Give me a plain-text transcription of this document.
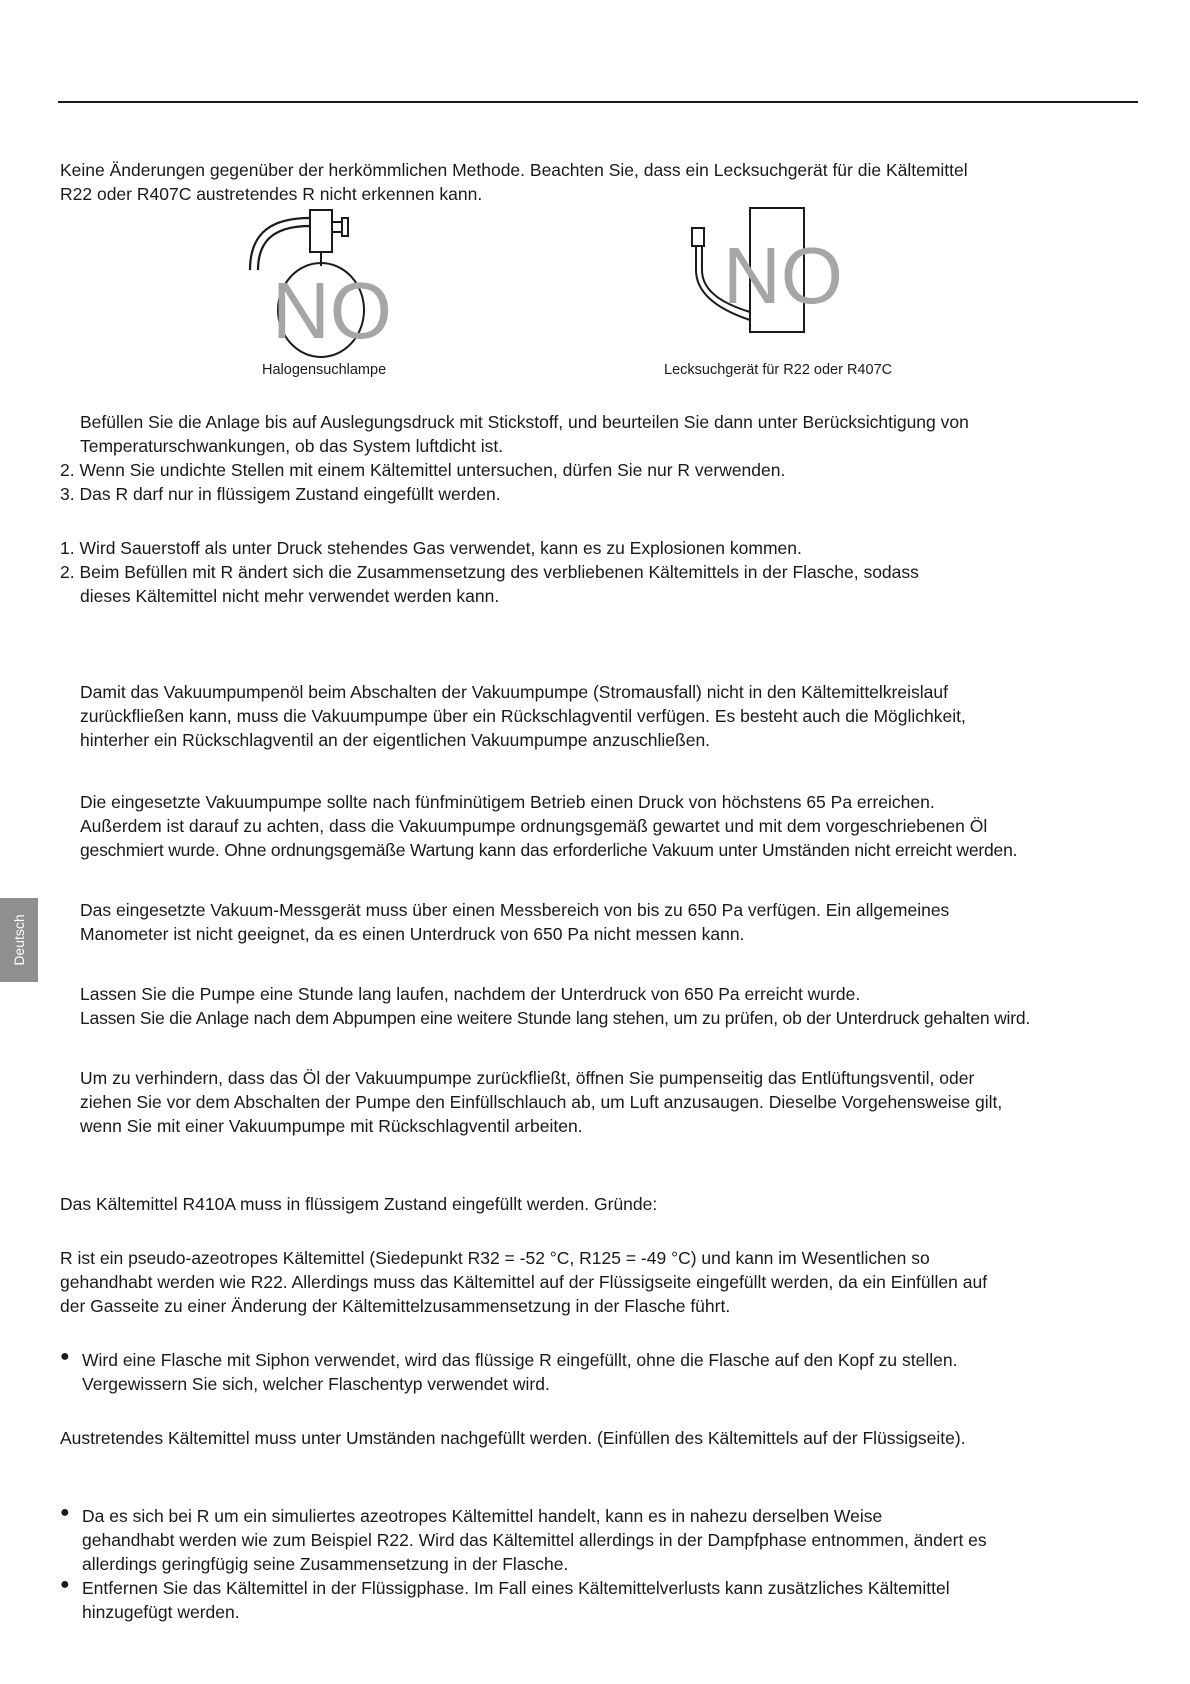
Deutsch
Keine Änderungen gegenüber der herkömmlichen Methode. Beachten Sie, dass ein Lecksuchgerät für die Kältemittel
R22 oder R407C austretendes R nicht erkennen kann.
NO
Halogensuchlampe
NO
Lecksuchgerät für R22 oder R407C
Befüllen Sie die Anlage bis auf Auslegungsdruck mit Stickstoff, und beurteilen Sie dann unter Berücksichtigung von
Temperaturschwankungen, ob das System luftdicht ist.
2. Wenn Sie undichte Stellen mit einem Kältemittel untersuchen, dürfen Sie nur R verwenden.
3. Das R darf nur in flüssigem Zustand eingefüllt werden.
1. Wird Sauerstoff als unter Druck stehendes Gas verwendet, kann es zu Explosionen kommen.
2. Beim Befüllen mit R ändert sich die Zusammensetzung des verbliebenen Kältemittels in der Flasche, sodass
dieses Kältemittel nicht mehr verwendet werden kann.
Damit das Vakuumpumpenöl beim Abschalten der Vakuumpumpe (Stromausfall) nicht in den Kältemittelkreislauf
zurückfließen kann, muss die Vakuumpumpe über ein Rückschlagventil verfügen. Es besteht auch die Möglichkeit,
hinterher ein Rückschlagventil an der eigentlichen Vakuumpumpe anzuschließen.
Die eingesetzte Vakuumpumpe sollte nach fünfminütigem Betrieb einen Druck von höchstens 65 Pa erreichen.
Außerdem ist darauf zu achten, dass die Vakuumpumpe ordnungsgemäß gewartet und mit dem vorgeschriebenen Öl
geschmiert wurde. Ohne ordnungsgemäße Wartung kann das erforderliche Vakuum unter Umständen nicht erreicht werden.
Das eingesetzte Vakuum-Messgerät muss über einen Messbereich von bis zu 650 Pa verfügen. Ein allgemeines
Manometer ist nicht geeignet, da es einen Unterdruck von 650 Pa nicht messen kann.
Lassen Sie die Pumpe eine Stunde lang laufen, nachdem der Unterdruck von 650 Pa erreicht wurde.
Lassen Sie die Anlage nach dem Abpumpen eine weitere Stunde lang stehen, um zu prüfen, ob der Unterdruck gehalten wird.
Um zu verhindern, dass das Öl der Vakuumpumpe zurückfließt, öffnen Sie pumpenseitig das Entlüftungsventil, oder
ziehen Sie vor dem Abschalten der Pumpe den Einfüllschlauch ab, um Luft anzusaugen. Dieselbe Vorgehensweise gilt,
wenn Sie mit einer Vakuumpumpe mit Rückschlagventil arbeiten.
Das Kältemittel R410A muss in flüssigem Zustand eingefüllt werden. Gründe:
R ist ein pseudo-azeotropes Kältemittel (Siedepunkt R32 = -52 °C, R125 = -49 °C) und kann im Wesentlichen so
gehandhabt werden wie R22. Allerdings muss das Kältemittel auf der Flüssigseite eingefüllt werden, da ein Einfüllen auf
der Gasseite zu einer Änderung der Kältemittelzusammensetzung in der Flasche führt.
● Wird eine Flasche mit Siphon verwendet, wird das flüssige R eingefüllt, ohne die Flasche auf den Kopf zu stellen.
Vergewissern Sie sich, welcher Flaschentyp verwendet wird.
Austretendes Kältemittel muss unter Umständen nachgefüllt werden. (Einfüllen des Kältemittels auf der Flüssigseite).
● Da es sich bei R um ein simuliertes azeotropes Kältemittel handelt, kann es in nahezu derselben Weise
gehandhabt werden wie zum Beispiel R22. Wird das Kältemittel allerdings in der Dampfphase entnommen, ändert es
allerdings geringfügig seine Zusammensetzung in der Flasche.
● Entfernen Sie das Kältemittel in der Flüssigphase. Im Fall eines Kältemittelverlusts kann zusätzliches Kältemittel
hinzugefügt werden.
